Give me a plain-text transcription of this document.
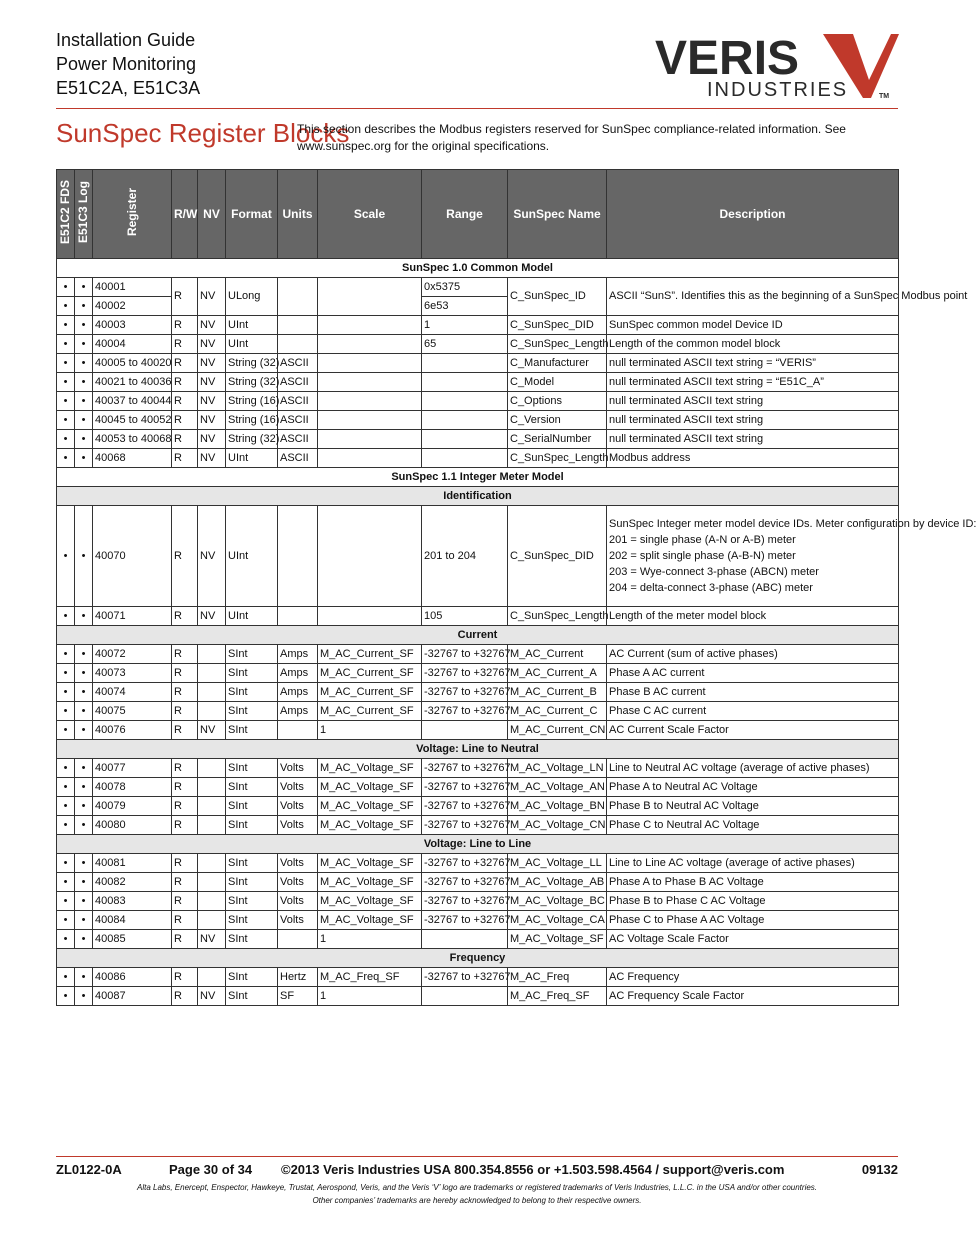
Installation Guide
Power Monitoring
E51C2A, E51C3A
VERIS
INDUSTRIES	TM
SunSpec Register Blocks
This section describes the Modbus registers reserved for SunSpec compliance-related information. See www.sunspec.org for the original specifications.
E51C2 FDS	E51C3 Log	Register	R/W	NV	Format	Units	Scale	Range	SunSpec Name	Description
SunSpec 1.0 Common Model										
•	•	40001	R	NV	ULong			0x5375	C_SunSpec_ID	ASCII “SunS”. Identifies this as the beginning of a SunSpec Modbus point
•	•	40002						6e53		
•	•	40003	R	NV	UInt			1	C_SunSpec_DID	SunSpec common model Device ID
•	•	40004	R	NV	UInt			65	C_SunSpec_Length	Length of the common model block
•	•	40005 to 40020	R	NV	String (32)	ASCII			C_Manufacturer	null terminated ASCII text string = “VERIS”
•	•	40021 to 40036	R	NV	String (32)	ASCII			C_Model	null terminated ASCII text string = “E51C_A”
•	•	40037 to 40044	R	NV	String (16)	ASCII			C_Options	null terminated ASCII text string
•	•	40045 to 40052	R	NV	String (16)	ASCII			C_Version	null terminated ASCII text string
•	•	40053 to 40068	R	NV	String (32)	ASCII			C_SerialNumber	null terminated ASCII text string
•	•	40068	R	NV	UInt	ASCII			C_SunSpec_Length	Modbus address
SunSpec 1.1 Integer Meter Model										
Identification										
•	•	40070	R	NV	UInt			201 to 204	C_SunSpec_DID	SunSpec Integer meter model device IDs. Meter configuration by device ID:
201 = single phase (A-N or A-B) meter
202 = split single phase (A-B-N) meter
203 = Wye-connect 3-phase (ABCN) meter
204 = delta-connect 3-phase (ABC) meter

•	•	40071	R	NV	UInt			105	C_SunSpec_Length	Length of the meter model block
Current										
•	•	40072	R		SInt	Amps	M_AC_Current_SF	-32767 to +32767	M_AC_Current	AC Current (sum of active phases)
•	•	40073	R		SInt	Amps	M_AC_Current_SF	-32767 to +32767	M_AC_Current_A	Phase A AC current
•	•	40074	R		SInt	Amps	M_AC_Current_SF	-32767 to +32767	M_AC_Current_B	Phase B AC current
•	•	40075	R		SInt	Amps	M_AC_Current_SF	-32767 to +32767	M_AC_Current_C	Phase C AC current
•	•	40076	R	NV	SInt		1		M_AC_Current_CN	AC Current Scale Factor
Voltage: Line to Neutral										
•	•	40077	R		SInt	Volts	M_AC_Voltage_SF	-32767 to +32767	M_AC_Voltage_LN	Line to Neutral AC voltage (average of active phases)
•	•	40078	R		SInt	Volts	M_AC_Voltage_SF	-32767 to +32767	M_AC_Voltage_AN	Phase A to Neutral AC Voltage
•	•	40079	R		SInt	Volts	M_AC_Voltage_SF	-32767 to +32767	M_AC_Voltage_BN	Phase B to Neutral AC Voltage
•	•	40080	R		SInt	Volts	M_AC_Voltage_SF	-32767 to +32767	M_AC_Voltage_CN	Phase C to Neutral AC Voltage
Voltage: Line to Line										
•	•	40081	R		SInt	Volts	M_AC_Voltage_SF	-32767 to +32767	M_AC_Voltage_LL	Line to Line AC voltage (average of active phases)
•	•	40082	R		SInt	Volts	M_AC_Voltage_SF	-32767 to +32767	M_AC_Voltage_AB	Phase A to Phase B AC Voltage
•	•	40083	R		SInt	Volts	M_AC_Voltage_SF	-32767 to +32767	M_AC_Voltage_BC	Phase B to Phase C AC Voltage
•	•	40084	R		SInt	Volts	M_AC_Voltage_SF	-32767 to +32767	M_AC_Voltage_CA	Phase C to Phase A AC Voltage
•	•	40085	R	NV	SInt		1		M_AC_Voltage_SF	AC Voltage Scale Factor
Frequency										
•	•	40086	R		SInt	Hertz	M_AC_Freq_SF	-32767 to +32767	M_AC_Freq	AC Frequency
•	•	40087	R	NV	SInt	SF	1		M_AC_Freq_SF	AC Frequency Scale Factor
ZL0122-0A	Page 30 of 34 ©2013 Veris Industries USA 800.354.8556 or +1.503.598.4564 / support@veris.com	09132
Alta Labs, Enercept, Enspector, Hawkeye, Trustat, Aerospond, Veris, and the Veris ‘V’ logo are trademarks or registered trademarks of Veris Industries, L.L.C. in the USA and/or other countries.
Other companies’ trademarks are hereby acknowledged to belong to their respective owners.
